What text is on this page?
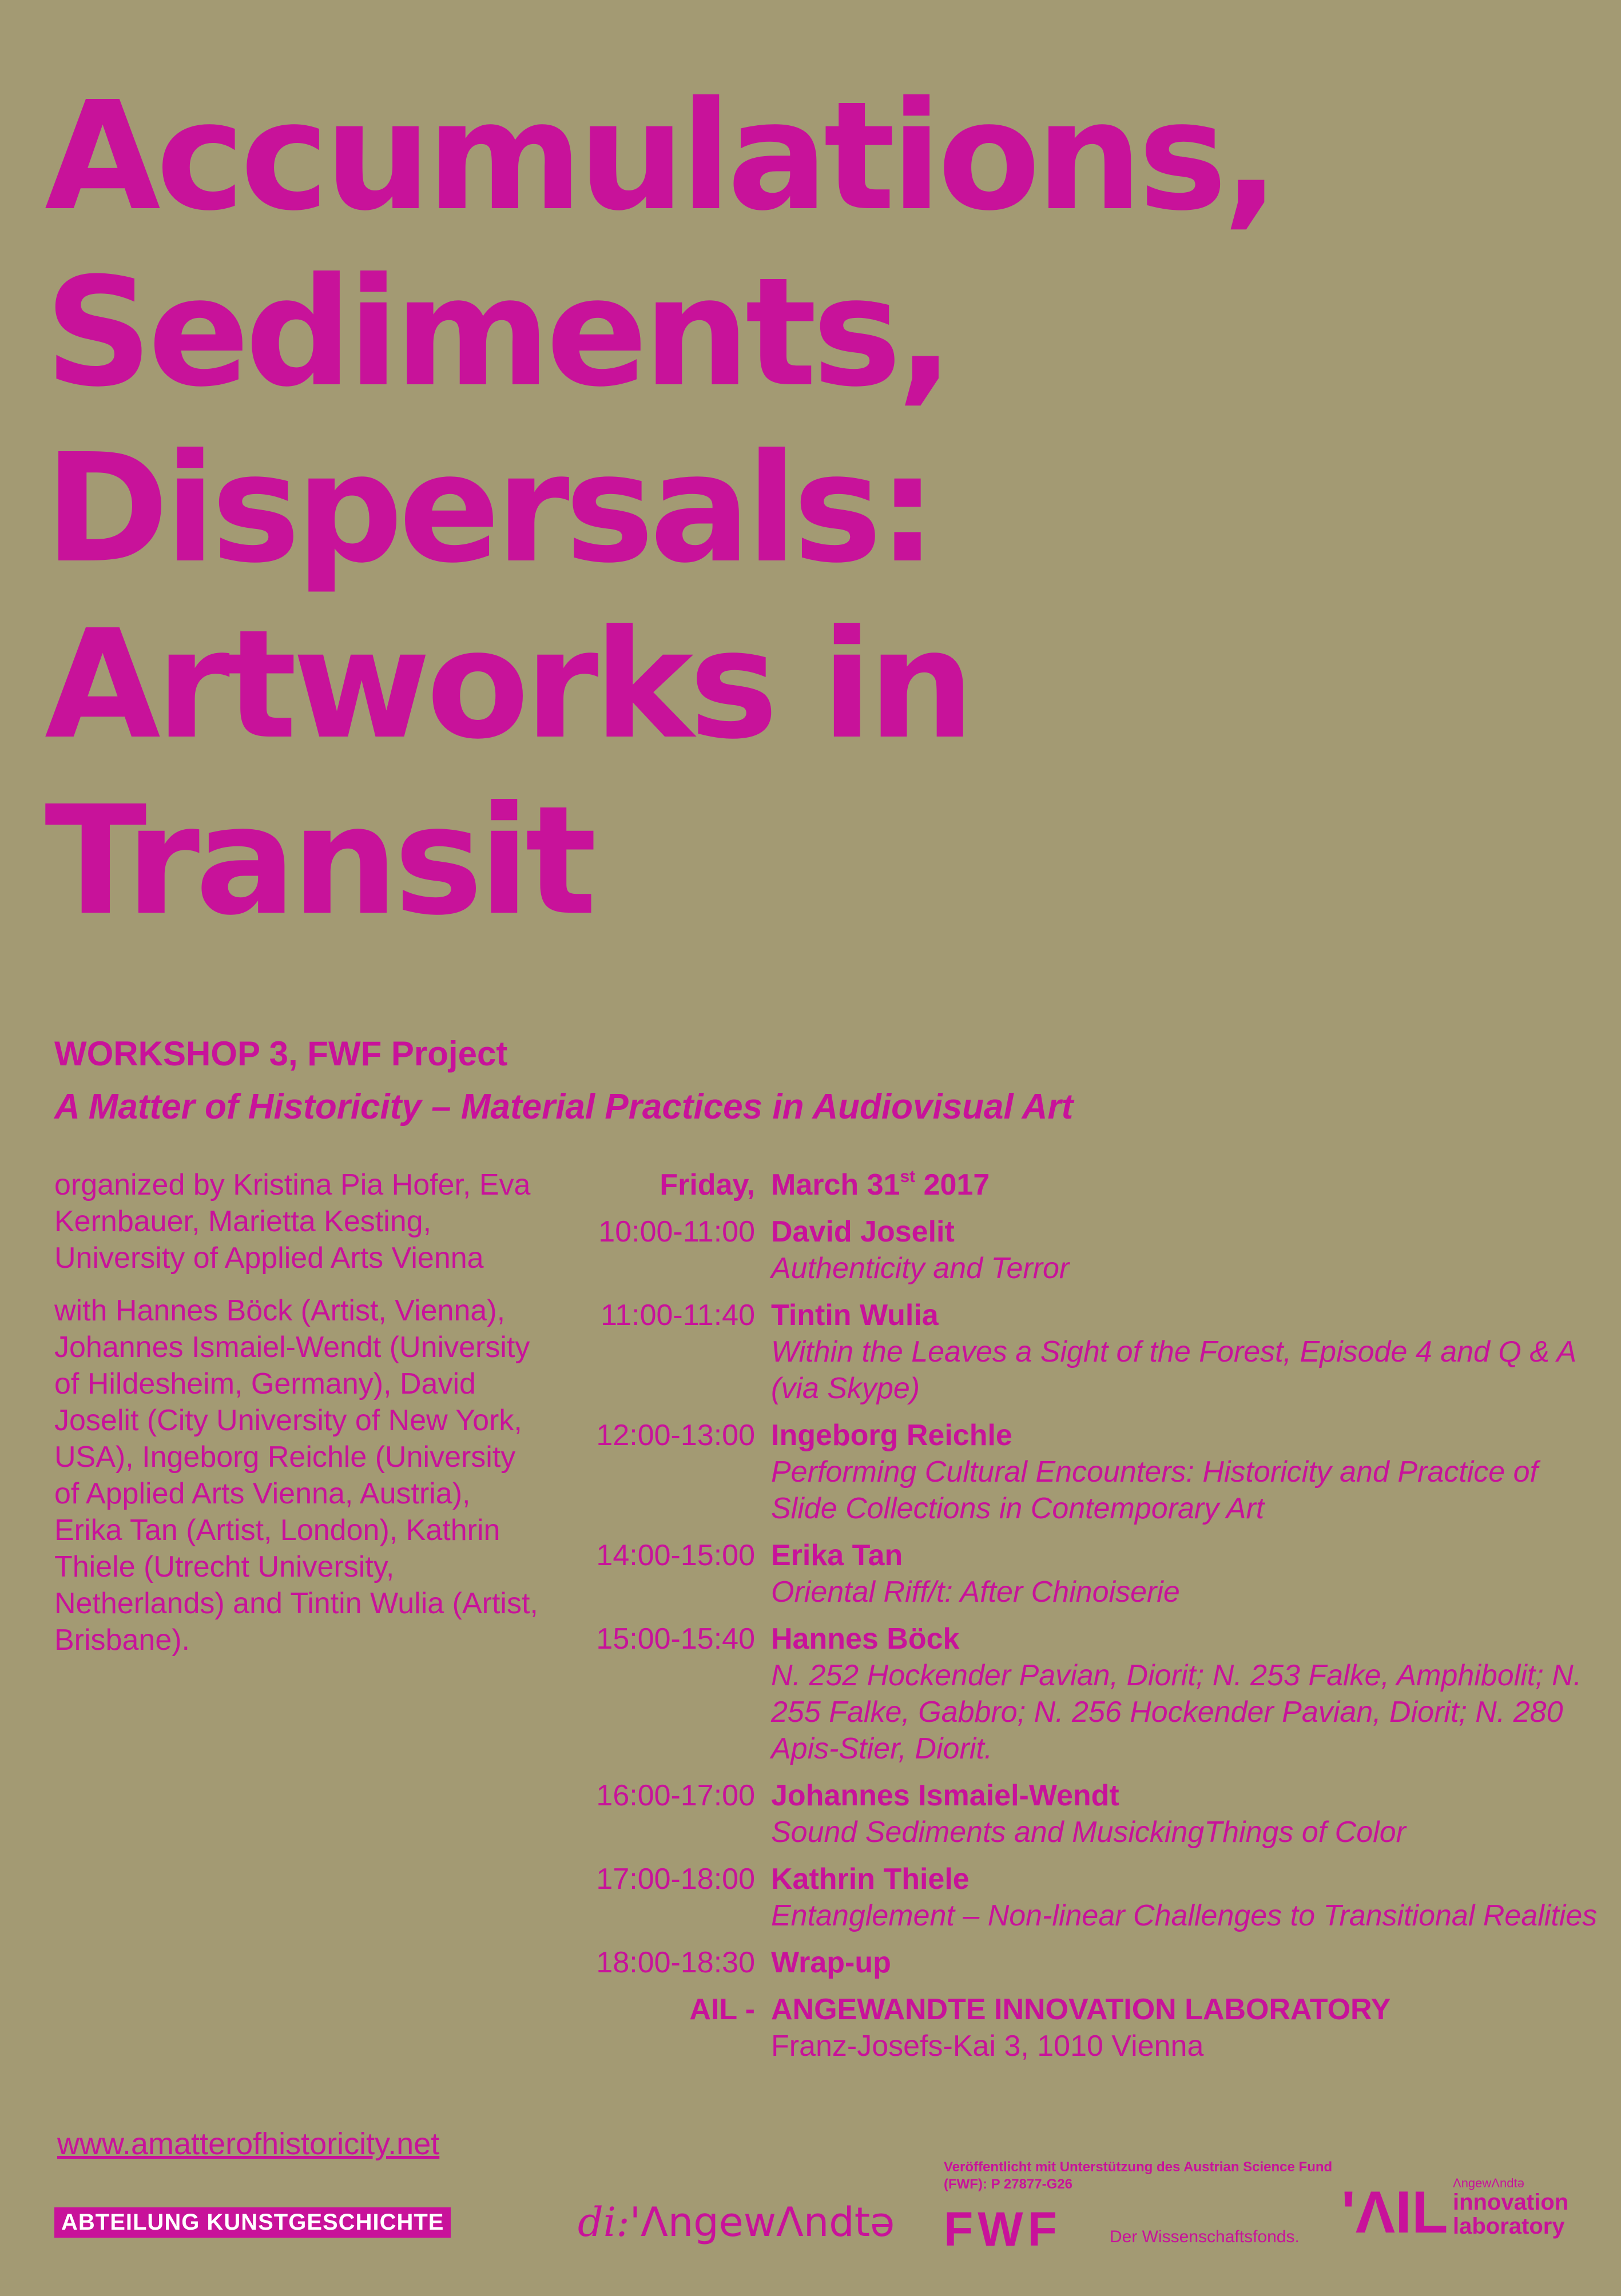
Accumulations,
Sediments,
Dispersals:
Artworks in
Transit
WORKSHOP 3, FWF Project
A Matter of Historicity – Material Practices in Audiovisual Art

organized by Kristina Pia Hofer, Eva Kernbauer, Marietta Kesting, University of Applied Arts Vienna

with Hannes Böck (Artist, Vienna), Johannes Ismaiel-Wendt (University of Hildesheim, Germany), David Joselit (City University of New York, USA), Ingeborg Reichle (University of Applied Arts Vienna, Austria), Erika Tan (Artist, London), Kathrin Thiele (Utrecht University, Netherlands) and Tintin Wulia (Artist, Brisbane).

Friday, March 31st 2017
10:00-11:00 David Joselit
Authenticity and Terror
11:00-11:40 Tintin Wulia
Within the Leaves a Sight of the Forest, Episode 4 and Q & A (via Skype)
12:00-13:00 Ingeborg Reichle
Performing Cultural Encounters: Historicity and Practice of Slide Collections in Contemporary Art
14:00-15:00 Erika Tan
Oriental Riff/t: After Chinoiserie
15:00-15:40 Hannes Böck
N. 252 Hockender Pavian, Diorit; N. 253 Falke, Amphibolit; N. 255 Falke, Gabbro; N. 256 Hockender Pavian, Diorit; N. 280 Apis-Stier, Diorit.
16:00-17:00 Johannes Ismaiel-Wendt
Sound Sediments and MusickingThings of Color
17:00-18:00 Kathrin Thiele
Entanglement – Non-linear Challenges to Transitional Realities
18:00-18:30 Wrap-up
AIL - ANGEWANDTE INNOVATION LABORATORY
Franz-Josefs-Kai 3, 1010 Vienna
www.amatterofhistoricity.net
ABTEILUNG KUNSTGESCHICHTE	di:'ɅngewɅndtə
Veröffentlicht mit Unterstützung des Austrian Science Fund (FWF): P 27877-G26
FWF	Der Wissenschaftsfonds. 'ɅIL ɅngewɅndtə
innovation
laboratory
